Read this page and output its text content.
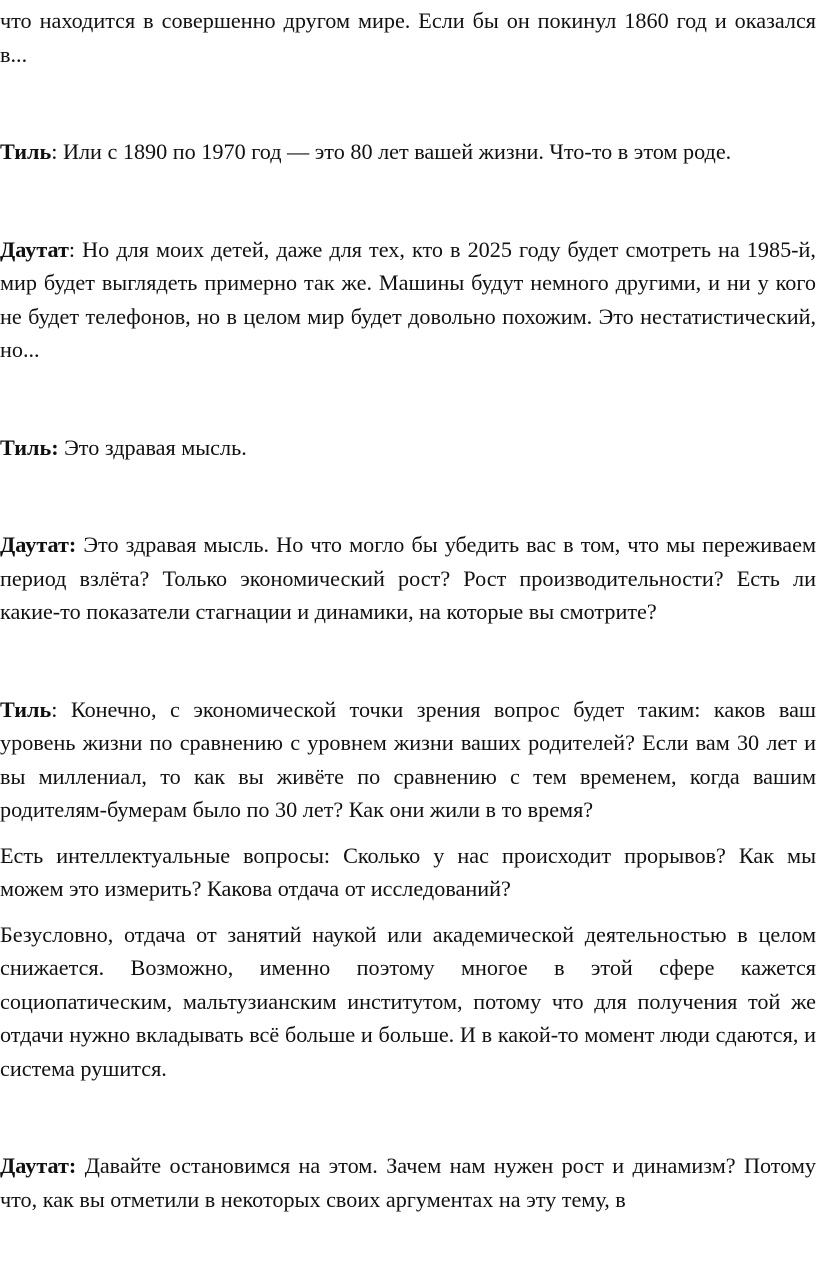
что находится в совершенно другом мире. Если бы он покинул 1860 год и оказался в...

Тиль: Или с 1890 по 1970 год — это 80 лет вашей жизни. Что-то в этом роде.

Даутат: Но для моих детей, даже для тех, кто в 2025 году будет смотреть на 1985-й, мир будет выглядеть примерно так же. Машины будут немного другими, и ни у кого не будет телефонов, но в целом мир будет довольно похожим. Это нестатистический, но...

Тиль: Это здравая мысль.

Даутат: Это здравая мысль. Но что могло бы убедить вас в том, что мы переживаем период взлёта? Только экономический рост? Рост производительности? Есть ли какие-то показатели стагнации и динамики, на которые вы смотрите?

Тиль: Конечно, с экономической точки зрения вопрос будет таким: каков ваш уровень жизни по сравнению с уровнем жизни ваших родителей? Если вам 30 лет и вы миллениал, то как вы живёте по сравнению с тем временем, когда вашим родителям-бумерам было по 30 лет? Как они жили в то время?

Есть интеллектуальные вопросы: Сколько у нас происходит прорывов? Как мы можем это измерить? Какова отдача от исследований?

Безусловно, отдача от занятий наукой или академической деятельностью в целом снижается. Возможно, именно поэтому многое в этой сфере кажется социопатическим, мальтузианским институтом, потому что для получения той же отдачи нужно вкладывать всё больше и больше. И в какой-то момент люди сдаются, и система рушится.

Даутат: Давайте остановимся на этом. Зачем нам нужен рост и динамизм? Потому что, как вы отметили в некоторых своих аргументах на эту тему, в
